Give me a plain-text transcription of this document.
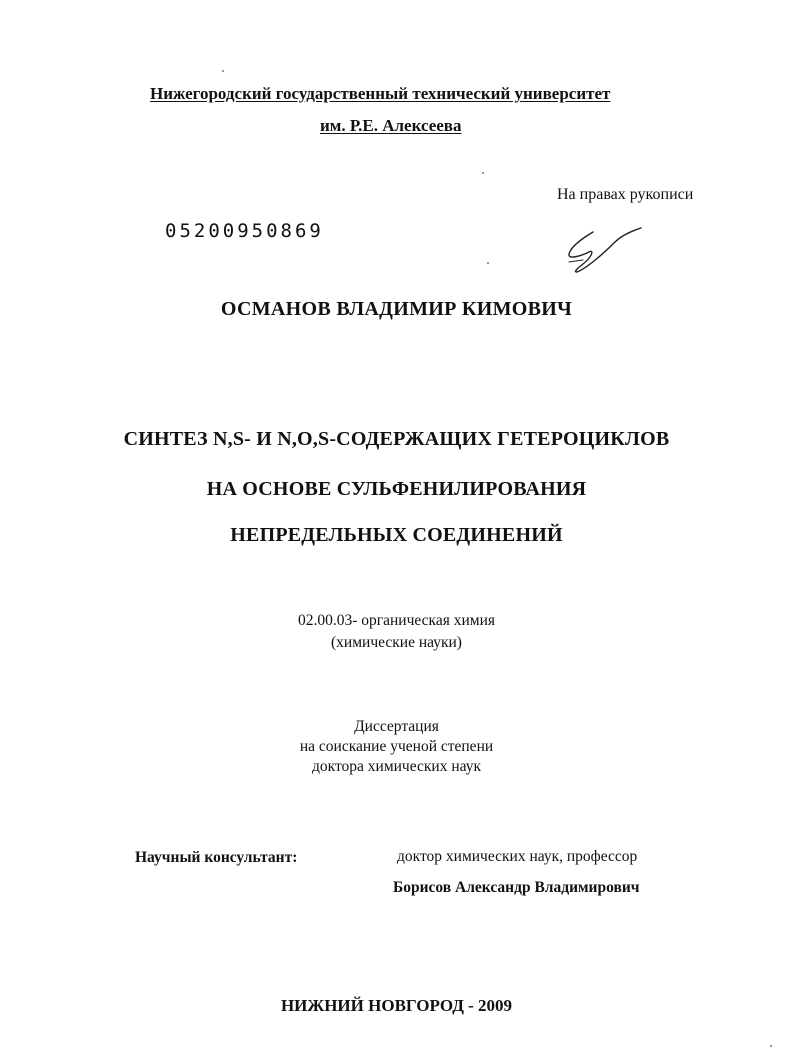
Нижегородский государственный технический университет
им. Р.Е. Алексеева
На правах рукописи
05200950869
ОСМАНОВ ВЛАДИМИР КИМОВИЧ
СИНТЕЗ N,S- И N,O,S-СОДЕРЖАЩИХ ГЕТЕРОЦИКЛОВ
НА ОСНОВЕ СУЛЬФЕНИЛИРОВАНИЯ
НЕПРЕДЕЛЬНЫХ СОЕДИНЕНИЙ
02.00.03- органическая химия
(химические науки)
Диссертация
на соискание ученой степени
доктора химических наук
Научный консультант:	доктор химических наук, профессор
Борисов Александр Владимирович
НИЖНИЙ НОВГОРОД - 2009
